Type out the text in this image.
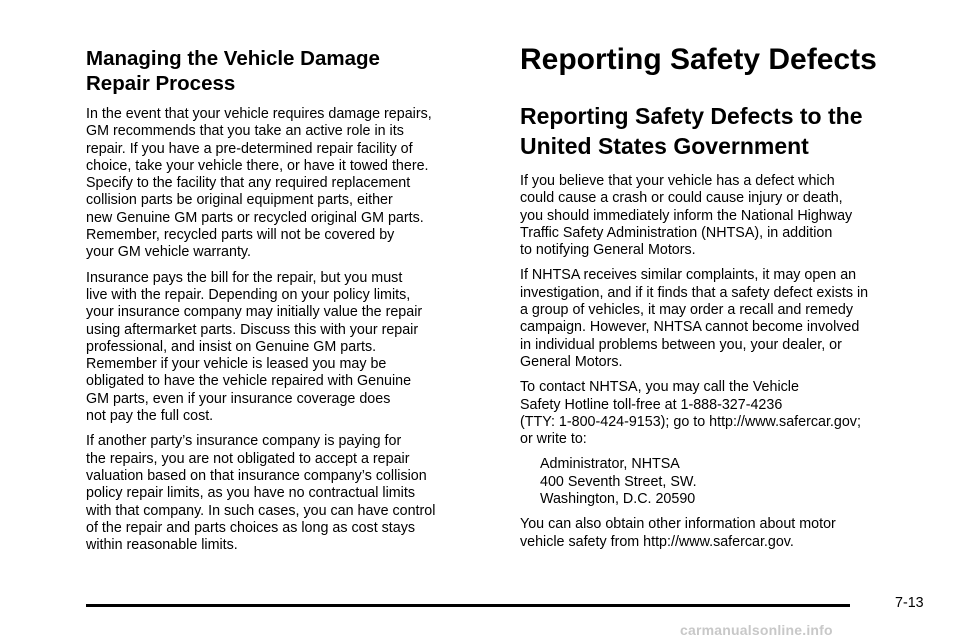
Managing the Vehicle Damage
Repair Process

In the event that your vehicle requires damage repairs,
GM recommends that you take an active role in its
repair. If you have a pre-determined repair facility of
choice, take your vehicle there, or have it towed there.
Specify to the facility that any required replacement
collision parts be original equipment parts, either
new Genuine GM parts or recycled original GM parts.
Remember, recycled parts will not be covered by
your GM vehicle warranty.

Insurance pays the bill for the repair, but you must
live with the repair. Depending on your policy limits,
your insurance company may initially value the repair
using aftermarket parts. Discuss this with your repair
professional, and insist on Genuine GM parts.
Remember if your vehicle is leased you may be
obligated to have the vehicle repaired with Genuine
GM parts, even if your insurance coverage does
not pay the full cost.

If another party’s insurance company is paying for
the repairs, you are not obligated to accept a repair
valuation based on that insurance company’s collision
policy repair limits, as you have no contractual limits
with that company. In such cases, you can have control
of the repair and parts choices as long as cost stays
within reasonable limits.

Reporting Safety Defects
Reporting Safety Defects to the
United States Government

If you believe that your vehicle has a defect which
could cause a crash or could cause injury or death,
you should immediately inform the National Highway
Traffic Safety Administration (NHTSA), in addition
to notifying General Motors.

If NHTSA receives similar complaints, it may open an
investigation, and if it finds that a safety defect exists in
a group of vehicles, it may order a recall and remedy
campaign. However, NHTSA cannot become involved
in individual problems between you, your dealer, or
General Motors.

To contact NHTSA, you may call the Vehicle
Safety Hotline toll-free at 1-888-327-4236
(TTY: 1-800-424-9153); go to http://www.safercar.gov;
or write to:

Administrator, NHTSA
400 Seventh Street, SW.
Washington, D.C. 20590

You can also obtain other information about motor
vehicle safety from http://www.safercar.gov.

7-13
carmanualsonline.info
